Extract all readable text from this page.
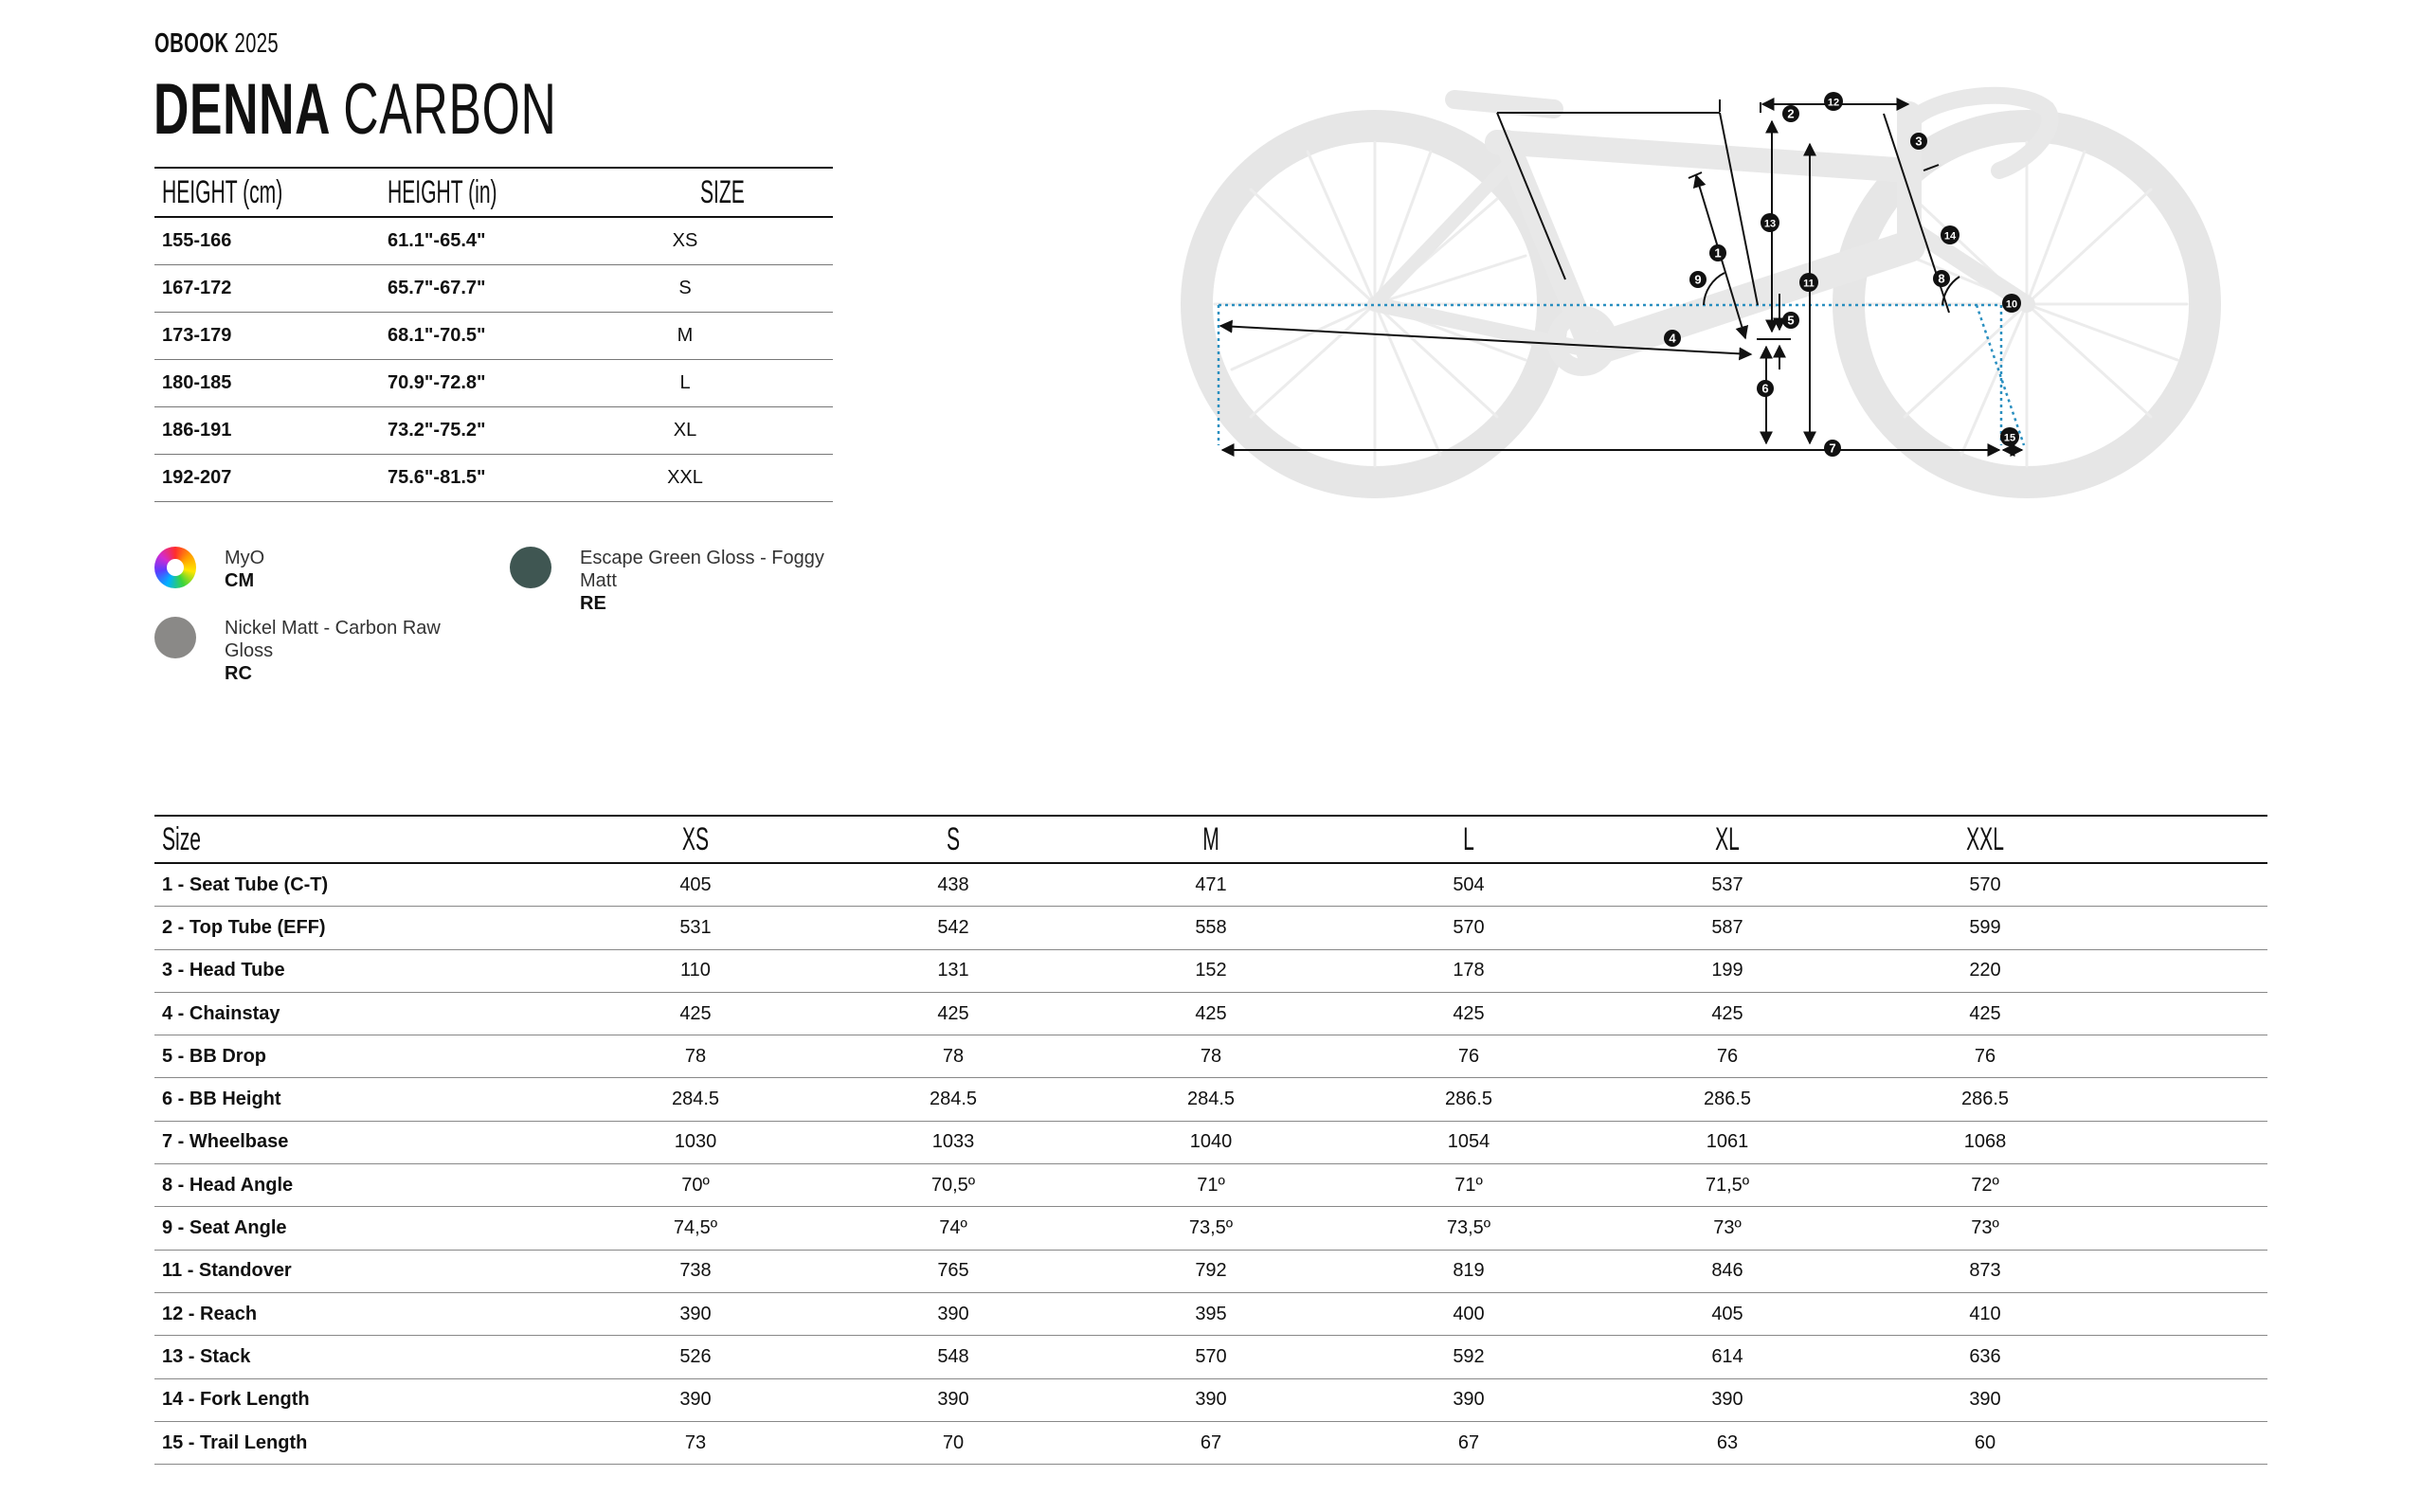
OBOOK 2025
DENNA CARBON
HEIGHT (cm)	HEIGHT (in)	SIZE
155-166	61.1"-65.4"	XS
167-172	65.7"-67.7"	S
173-179	68.1"-70.5"	M
180-185	70.9"-72.8"	L
186-191	73.2"-75.2"	XL
192-207	75.6"-81.5"	XXL
MyO
CM
Escape Green Gloss - Foggy Matt
RE
Nickel Matt - Carbon Raw Gloss
RC
1
2
3
4
5
6
7
8
9
10
11
12
13
14
15
Size	XS	S	M	L	XL	XXL
1 - Seat Tube (C-T)	405	438	471	504	537	570
2 - Top Tube (EFF)	531	542	558	570	587	599
3 - Head Tube	110	131	152	178	199	220
4 - Chainstay	425	425	425	425	425	425
5 - BB Drop	78	78	78	76	76	76
6 - BB Height	284.5	284.5	284.5	286.5	286.5	286.5
7 - Wheelbase	1030	1033	1040	1054	1061	1068
8 - Head Angle	70º	70,5º	71º	71º	71,5º	72º
9 - Seat Angle	74,5º	74º	73,5º	73,5º	73º	73º
11 - Standover	738	765	792	819	846	873
12 - Reach	390	390	395	400	405	410
13 - Stack	526	548	570	592	614	636
14 - Fork Length	390	390	390	390	390	390
15 - Trail Length	73	70	67	67	63	60
